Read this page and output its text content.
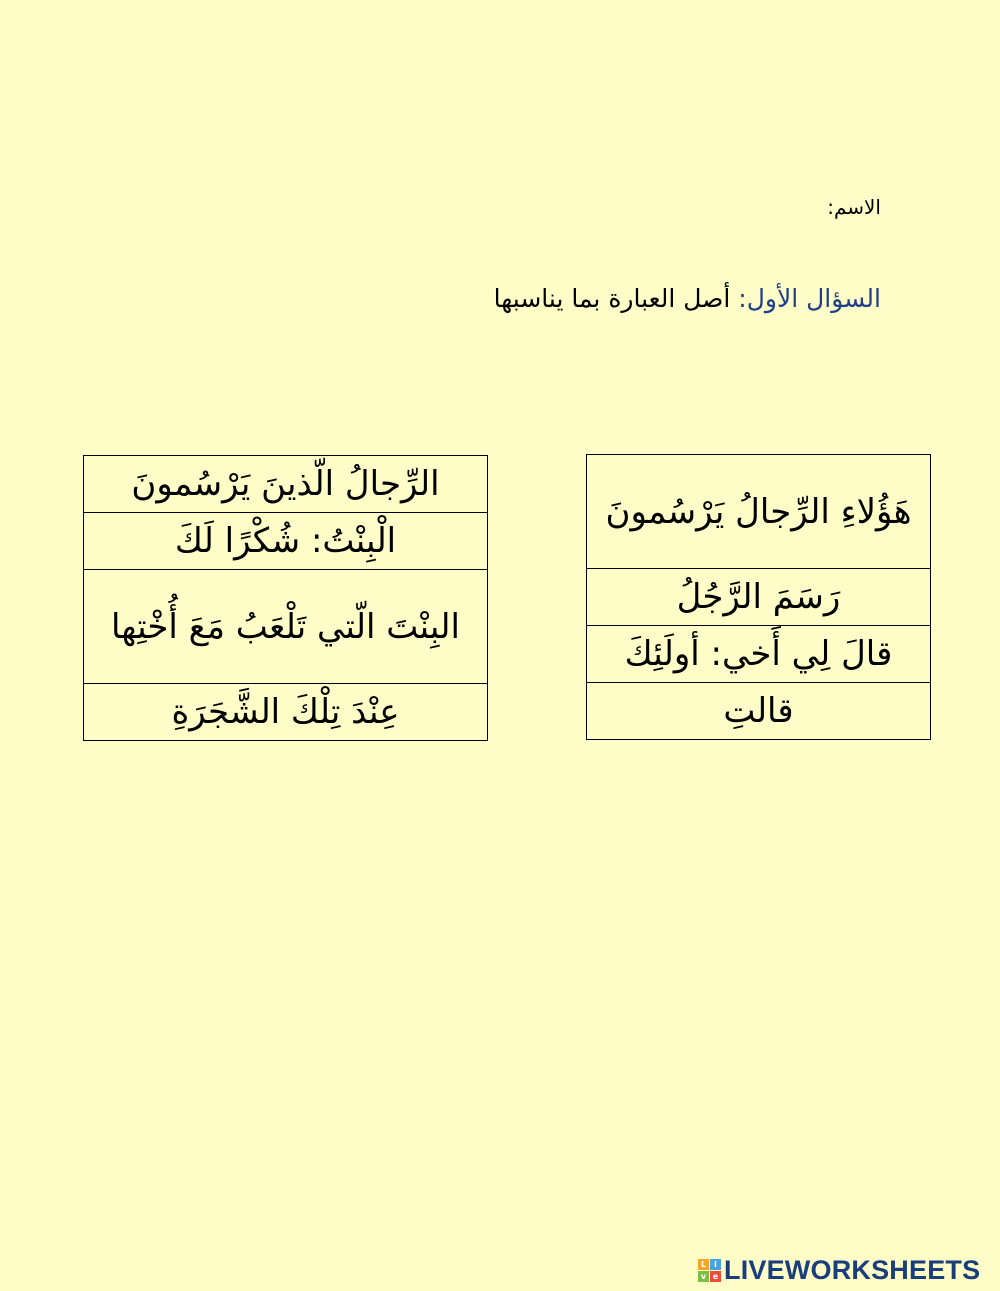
الاسم:
السؤال الأول: أصل العبارة بما يناسبها
هَؤُلاءِ الرِّجالُ يَرْسُمونَ
رَسَمَ الرَّجُلُ
قالَ لِي أَخي: أولَئِكَ
قالتِ
الرِّجالُ الّذينَ يَرْسُمونَ
الْبِنْتُ: شُكْرًا لَكَ
البِنْتَ الّتي تَلْعَبُ مَعَ أُخْتِها
عِنْدَ تِلْكَ الشَّجَرَةِ
L	i
v e LIVEWORKSHEETS
